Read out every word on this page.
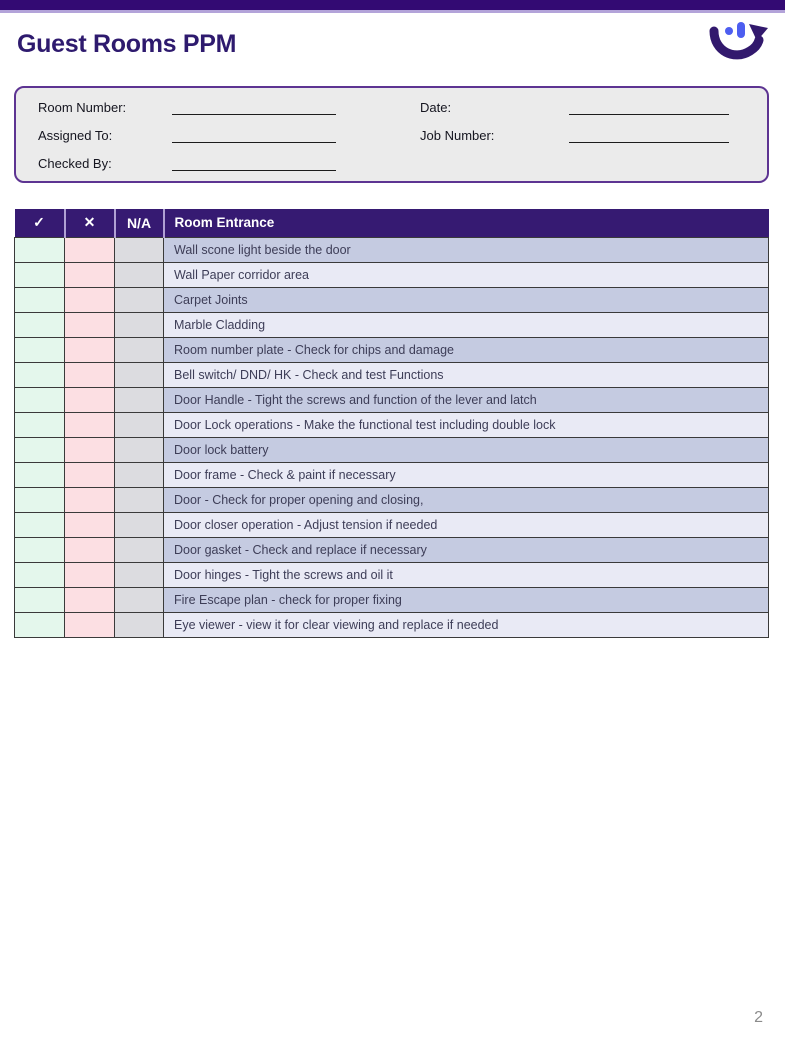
Guest Rooms PPM
Room Number:
Assigned To:
Checked By:
Date:
Job Number:
✓	✕	N/A	Room Entrance
			Wall scone light beside the door
			Wall Paper corridor area
			Carpet Joints
			Marble Cladding
			Room number plate - Check for chips and damage
			Bell switch/ DND/ HK - Check and test Functions
			Door Handle - Tight the screws and function of the lever and latch
			Door Lock operations - Make the functional test including double lock
			Door lock battery
			Door frame - Check & paint if necessary
			Door - Check for proper opening and closing,
			Door closer operation - Adjust tension if needed
			Door gasket - Check and replace if necessary
			Door hinges - Tight the screws and oil it
			Fire Escape plan - check for proper fixing
			Eye viewer - view it for clear viewing and replace if needed
2
